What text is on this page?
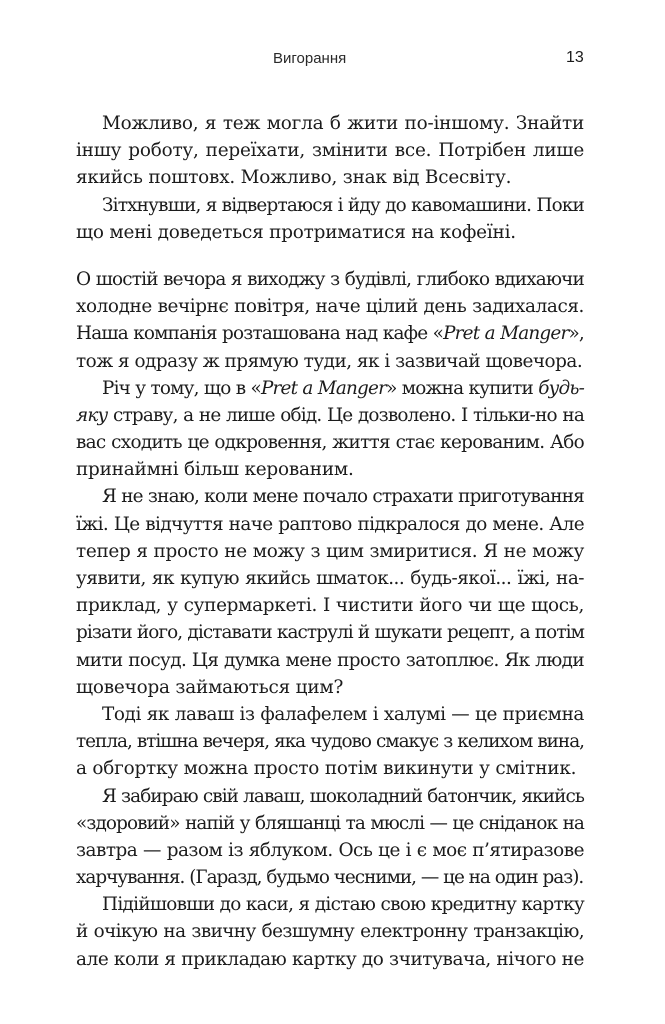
Вигорання	13
Можливо, я теж могла б жити по-іншому. Знайти
іншу роботу, переїхати, змінити все. Потрібен лише
якийсь поштовх. Можливо, знак від Всесвіту.
Зітхнувши, я відвертаюся і йду до кавомашини. Поки
що мені доведеться протриматися на кофеїні.
О шостій вечора я виходжу з будівлі, глибоко вдихаючи
холодне вечірнє повітря, наче цілий день задихалася.
Наша компанія розташована над кафе «Pret a Manger»,
тож я одразу ж прямую туди, як і зазвичай щовечора.
Річ у тому, що в «Pret a Manger» можна купити будь-
яку страву, а не лише обід. Це дозволено. І тільки-но на
вас сходить це одкровення, життя стає керованим. Або
принаймні більш керованим.
Я не знаю, коли мене почало страхати приготування
їжі. Це відчуття наче раптово підкралося до мене. Але
тепер я просто не можу з цим змиритися. Я не можу
уявити, як купую якийсь шматок... будь-якої... їжі, на-
приклад, у супермаркеті. І чистити його чи ще щось,
різати його, діставати каструлі й шукати рецепт, а потім
мити посуд. Ця думка мене просто затоплює. Як люди
щовечора займаються цим?
Тоді як лаваш із фалафелем і халумі — це приємна
тепла, втішна вечеря, яка чудово смакує з келихом вина,
а обгортку можна просто потім викинути у смітник.
Я забираю свій лаваш, шоколадний батончик, якийсь
«здоровий» напій у бляшанці та мюслі — це сніданок на
завтра — разом із яблуком. Ось це і є моє п’ятиразове
харчування. (Гаразд, будьмо чесними, — це на один раз).
Підійшовши до каси, я дістаю свою кредитну картку
й очікую на звичну безшумну електронну транзакцію,
але коли я прикладаю картку до зчитувача, нічого не
